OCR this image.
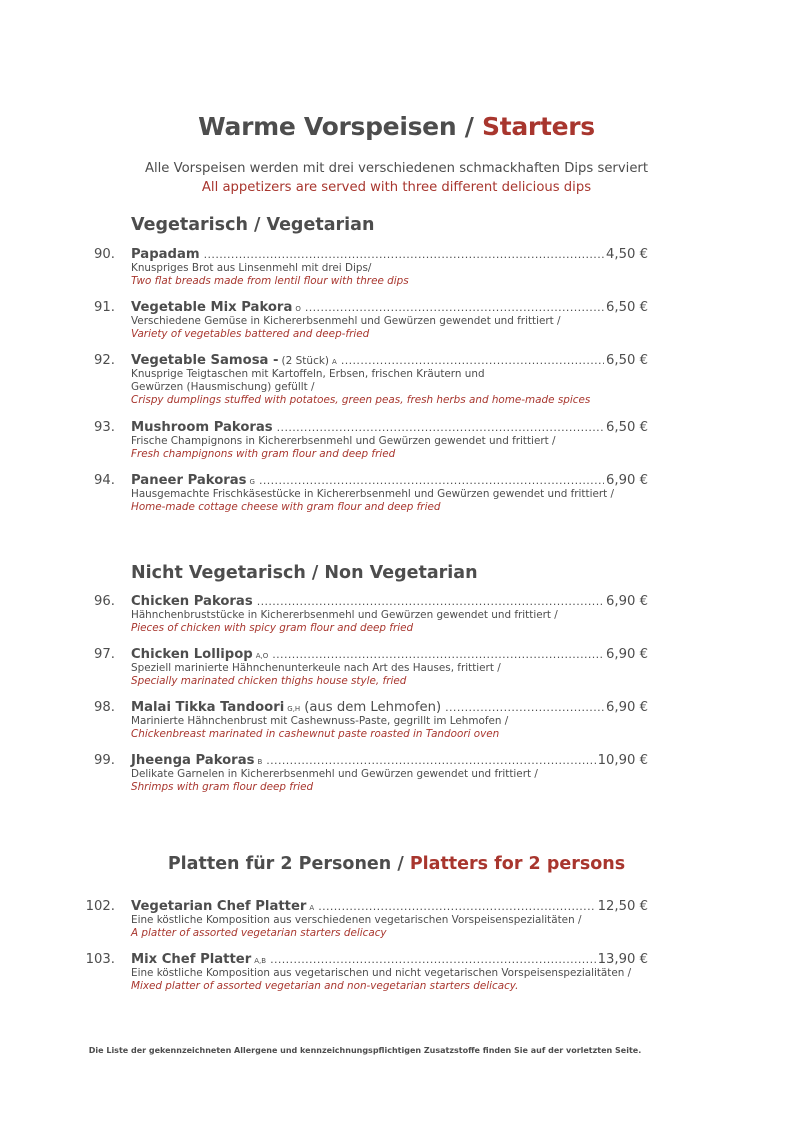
Warme Vorspeisen / Starters
Alle Vorspeisen werden mit drei verschiedenen schmackhaften Dips serviert
All appetizers are served with three different delicious dips
Vegetarisch / Vegetarian
90. Papadam .....	4,50 €
Knuspriges Brot aus Linsenmehl mit drei Dips/
Two flat breads made from lentil flour with three dips
91. Vegetable Mix Pakora O .....	6,50 €
Verschiedene Gemüse in Kichererbsenmehl und Gewürzen gewendet und frittiert /
Variety of vegetables battered and deep-fried
92. Vegetable Samosa - (2 Stück) A .....	6,50 €
Knusprige Teigtaschen mit Kartoffeln, Erbsen, frischen Kräutern und
Gewürzen (Hausmischung) gefüllt /
Crispy dumplings stuffed with potatoes, green peas, fresh herbs and home-made spices
93. Mushroom Pakoras .....	6,50 €
Frische Champignons in Kichererbsenmehl und Gewürzen gewendet und frittiert /
Fresh champignons with gram flour and deep fried
94. Paneer Pakoras G .....	6,90 €
Hausgemachte Frischkäsestücke in Kichererbsenmehl und Gewürzen gewendet und frittiert /
Home-made cottage cheese with gram flour and deep fried
Nicht Vegetarisch / Non Vegetarian
96. Chicken Pakoras .....	6,90 €
Hähnchenbruststücke in Kichererbsenmehl und Gewürzen gewendet und frittiert /
Pieces of chicken with spicy gram flour and deep fried
97. Chicken Lollipop A,O .....	6,90 €
Speziell marinierte Hähnchenunterkeule nach Art des Hauses, frittiert /
Specially marinated chicken thighs house style, fried
98. Malai Tikka Tandoori G,H (aus dem Lehmofen) .....	6,90 €
Marinierte Hähnchenbrust mit Cashewnuss-Paste, gegrillt im Lehmofen /
Chickenbreast marinated in cashewnut paste roasted in Tandoori oven
99. Jheenga Pakoras B .....	10,90 €
Delikate Garnelen in Kichererbsenmehl und Gewürzen gewendet und frittiert /
Shrimps with gram flour deep fried
Platten für 2 Personen / Platters for 2 persons
102. Vegetarian Chef Platter A .....	12,50 €
Eine köstliche Komposition aus verschiedenen vegetarischen Vorspeisenspezialitäten /
A platter of assorted vegetarian starters delicacy
103. Mix Chef Platter A,B .....	13,90 €
Eine köstliche Komposition aus vegetarischen und nicht vegetarischen Vorspeisenspezialitäten /
Mixed platter of assorted vegetarian and non-vegetarian starters delicacy.
Die Liste der gekennzeichneten Allergene und kennzeichnungspflichtigen Zusatzstoffe finden Sie auf der vorletzten Seite.
